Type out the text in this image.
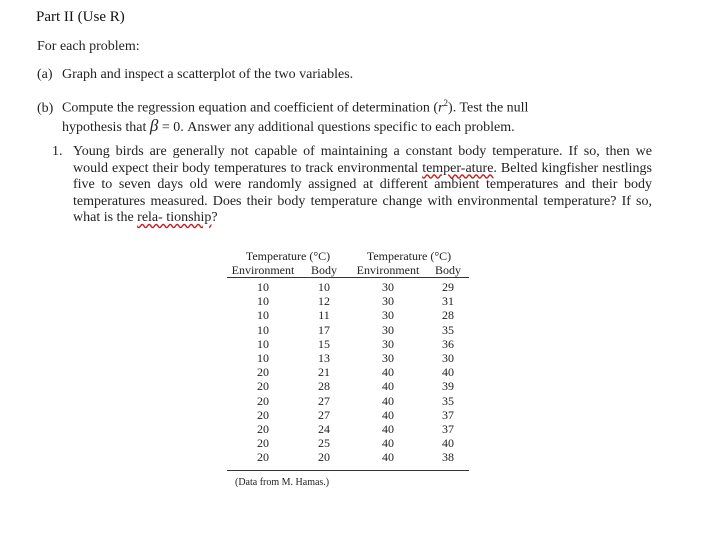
Part II (Use R)
For each problem:
(a) Graph and inspect a scatterplot of the two variables.
(b) Compute the regression equation and coefficient of determination $(r^2)$. Test the null
hypothesis that β = 0. Answer any additional questions specific to each problem.
1. Young birds are generally not capable of maintaining a constant body temperature. If so, then we would expect their body temperatures to track environmental temper-ature. Belted kingfisher nestlings five to seven days old were randomly assigned at different ambient temperatures and their body temperatures measured. Does their body temperature change with environmental temperature? If so, what is the rela- tionship?
Temperature (°C)		Temperature (°C)	
Environment	Body	Environment	Body
10	10	30	29
10	12	30	31
10	11	30	28
10	17	30	35
10	15	30	36
10	13	30	30
20	21	40	40
20	28	40	39
20	27	40	35
20	27	40	37
20	24	40	37
20	25	40	40
20	20	40	38
(Data from M. Hamas.)
